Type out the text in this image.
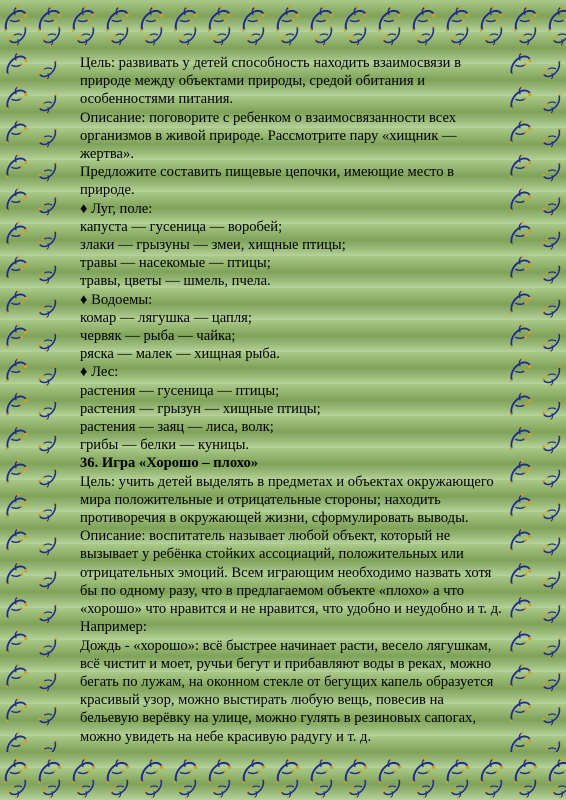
Цель: развивать у детей способность находить взаимосвязи в

природе между объектами природы, средой обитания и

особенностями питания.

Описание: поговорите с ребенком о взаимосвязанности всех

организмов в живой природе. Рассмотрите пару «хищник —

жертва».

Предложите составить пищевые цепочки, имеющие место в

природе.

♦ Луг, поле:

капуста — гусеница — воробей;

злаки — грызуны — змеи, хищные птицы;

травы — насекомые — птицы;

травы, цветы — шмель, пчела.

♦ Водоемы:

комар — лягушка — цапля;

червяк — рыба — чайка;

ряска — малек — хищная рыба.

♦ Лес:

растения — гусеница — птицы;

растения — грызун — хищные птицы;

растения — заяц — лиса, волк;

грибы — белки — куницы.

36. Игра «Хорошо – плохо»

Цель: учить детей выделять в предметах и объектах окружающего

мира положительные и отрицательные стороны; находить

противоречия в окружающей жизни, сформулировать выводы.

Описание: воспитатель называет любой объект, который не

вызывает у ребёнка стойких ассоциаций, положительных или

отрицательных эмоций. Всем играющим необходимо назвать хотя

бы по одному разу, что в предлагаемом объекте «плохо» а что

«хорошо» что нравится и не нравится, что удобно и неудобно и т. д.

Например:

Дождь - «хорошо»: всё быстрее начинает расти, весело лягушкам,

всё чистит и моет, ручьи бегут и прибавляют воды в реках, можно

бегать по лужам, на оконном стекле от бегущих капель образуется

красивый узор, можно выстирать любую вещь, повесив на

бельевую верёвку на улице, можно гулять в резиновых сапогах,

можно увидеть на небе красивую радугу и т. д.
